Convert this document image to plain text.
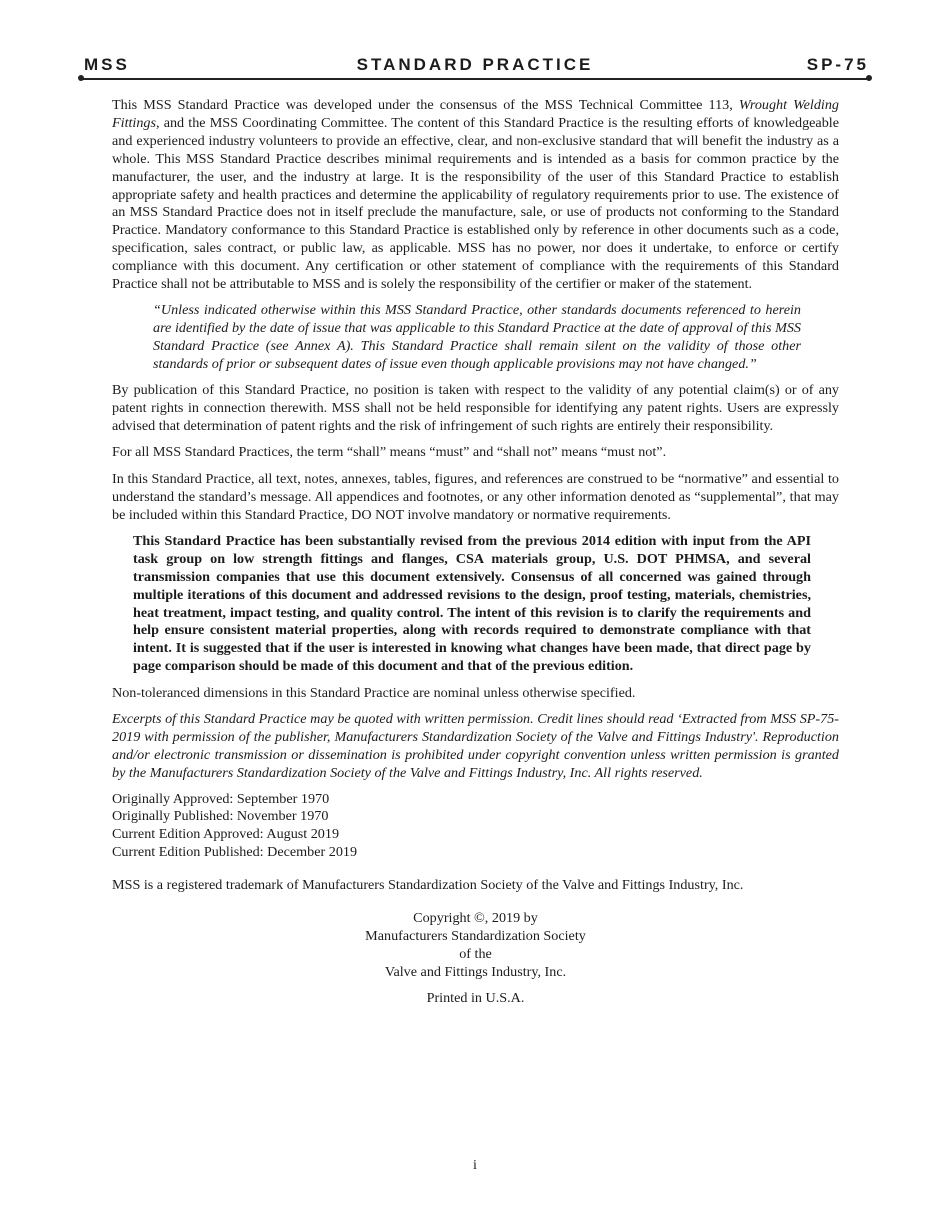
MSS	STANDARD PRACTICE	SP-75

This MSS Standard Practice was developed under the consensus of the MSS Technical Committee 113, Wrought Welding Fittings, and the MSS Coordinating Committee. The content of this Standard Practice is the resulting efforts of knowledgeable and experienced industry volunteers to provide an effective, clear, and non-exclusive standard that will benefit the industry as a whole. This MSS Standard Practice describes minimal requirements and is intended as a basis for common practice by the manufacturer, the user, and the industry at large. It is the responsibility of the user of this Standard Practice to establish appropriate safety and health practices and determine the applicability of regulatory requirements prior to use. The existence of an MSS Standard Practice does not in itself preclude the manufacture, sale, or use of products not conforming to the Standard Practice. Mandatory conformance to this Standard Practice is established only by reference in other documents such as a code, specification, sales contract, or public law, as applicable. MSS has no power, nor does it undertake, to enforce or certify compliance with this document. Any certification or other statement of compliance with the requirements of this Standard Practice shall not be attributable to MSS and is solely the responsibility of the certifier or maker of the statement.

“Unless indicated otherwise within this MSS Standard Practice, other standards documents referenced to herein are identified by the date of issue that was applicable to this Standard Practice at the date of approval of this MSS Standard Practice (see Annex A). This Standard Practice shall remain silent on the validity of those other standards of prior or subsequent dates of issue even though applicable provisions may not have changed.”

By publication of this Standard Practice, no position is taken with respect to the validity of any potential claim(s) or of any patent rights in connection therewith. MSS shall not be held responsible for identifying any patent rights. Users are expressly advised that determination of patent rights and the risk of infringement of such rights are entirely their responsibility.

For all MSS Standard Practices, the term “shall” means “must” and “shall not” means “must not”.

In this Standard Practice, all text, notes, annexes, tables, figures, and references are construed to be “normative” and essential to understand the standard’s message. All appendices and footnotes, or any other information denoted as “supplemental”, that may be included within this Standard Practice, DO NOT involve mandatory or normative requirements.

This Standard Practice has been substantially revised from the previous 2014 edition with input from the API task group on low strength fittings and flanges, CSA materials group, U.S. DOT PHMSA, and several transmission companies that use this document extensively. Consensus of all concerned was gained through multiple iterations of this document and addressed revisions to the design, proof testing, materials, chemistries, heat treatment, impact testing, and quality control. The intent of this revision is to clarify the requirements and help ensure consistent material properties, along with records required to demonstrate compliance with that intent. It is suggested that if the user is interested in knowing what changes have been made, that direct page by page comparison should be made of this document and that of the previous edition.

Non-toleranced dimensions in this Standard Practice are nominal unless otherwise specified.

Excerpts of this Standard Practice may be quoted with written permission. Credit lines should read ‘Extracted from MSS SP-75-2019 with permission of the publisher, Manufacturers Standardization Society of the Valve and Fittings Industry'. Reproduction and/or electronic transmission or dissemination is prohibited under copyright convention unless written permission is granted by the Manufacturers Standardization Society of the Valve and Fittings Industry, Inc. All rights reserved.

Originally Approved: September 1970
Originally Published: November 1970
Current Edition Approved: August 2019
Current Edition Published: December 2019

MSS is a registered trademark of Manufacturers Standardization Society of the Valve and Fittings Industry, Inc.

Copyright ©, 2019 by
Manufacturers Standardization Society
of the
Valve and Fittings Industry, Inc.
Printed in U.S.A.
i
